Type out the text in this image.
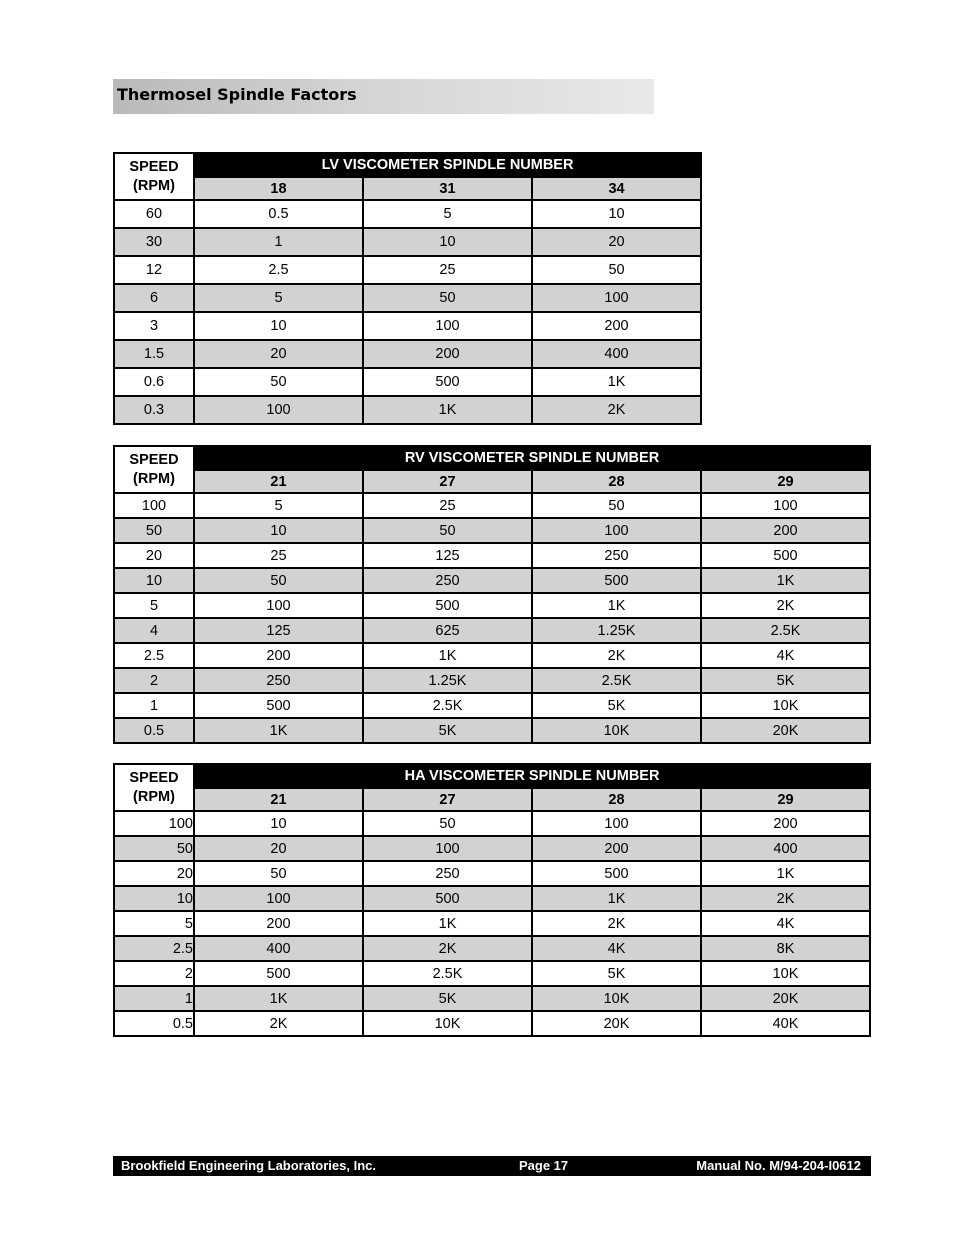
Thermosel Spindle Factors
SPEED
(RPM)	LV VISCOMETER SPINDLE NUMBER		
	18	31	34
60	0.5	5	10
30	1	10	20
12	2.5	25	50
6	5	50	100
3	10	100	200
1.5	20	200	400
0.6	50	500	1K
0.3	100	1K	2K
SPEED
(RPM)	RV VISCOMETER SPINDLE NUMBER			
	21	27	28	29
100	5	25	50	100
50	10	50	100	200
20	25	125	250	500
10	50	250	500	1K
5	100	500	1K	2K
4	125	625	1.25K	2.5K
2.5	200	1K	2K	4K
2	250	1.25K	2.5K	5K
1	500	2.5K	5K	10K
0.5	1K	5K	10K	20K
SPEED
(RPM)	HA VISCOMETER SPINDLE NUMBER			
	21	27	28	29
100	10	50	100	200
50	20	100	200	400
20	50	250	500	1K
10	100	500	1K	2K
5	200	1K	2K	4K
2.5	400	2K	4K	8K
2	500	2.5K	5K	10K
1	1K	5K	10K	20K
0.5	2K	10K	20K	40K
Brookfield Engineering Laboratories, Inc.	Page 17	Manual No. M/94-204-I0612
